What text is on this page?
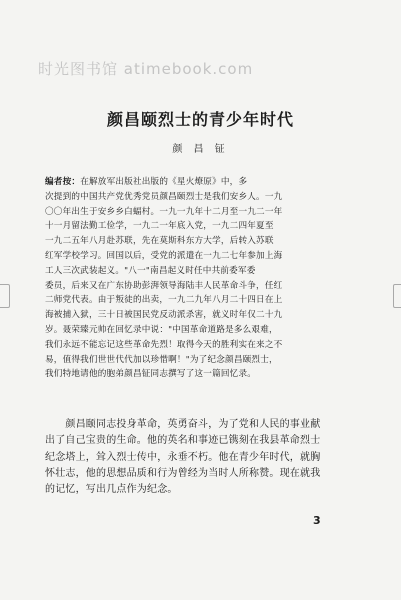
时光图书馆 atimebook.com
颜昌颐烈士的青少年时代
颜 昌 钲
编者按：在解放军出版社出版的《星火燎原》中，多
次提到的中国共产党优秀党员颜昌颐烈士是我们安乡人。一九
〇〇年出生于安乡乡白蝠村。一九一九年十二月至一九二一年
十一月留法勤工俭学，一九二一年底入党，一九二四年夏至
一九二五年八月赴苏联，先在莫斯科东方大学，后转入苏联
红军学校学习。回国以后，受党的派遣在一九二七年参加上海
工人三次武装起义。"八一"南昌起义时任中共前委军委
委员，后来又在广东协助彭湃领导海陆丰人民革命斗争，任红
二师党代表。由于叛徒的出卖，一九二九年八月二十四日在上
海被捕入狱，三十日被国民党反动派杀害，就义时年仅二十九
岁。聂荣臻元帅在回忆录中说："中国革命道路是多么艰难，
我们永远不能忘记这些革命先烈！取得今天的胜利实在来之不
易，值得我们世世代代加以珍惜啊！"为了纪念颜昌颐烈士，
我们特地请他的胞弟颜昌钲同志撰写了这一篇回忆录。
　　颜昌颐同志投身革命，英勇奋斗，为了党和人民的事业献
出了自己宝贵的生命。他的英名和事迹已镌刻在我县革命烈士
纪念塔上，耸入烈士传中，永垂不朽。他在青少年时代，就胸
怀壮志，他的思想品质和行为曾经为当时人所称赞。现在就我
的记忆，写出几点作为纪念。
3
